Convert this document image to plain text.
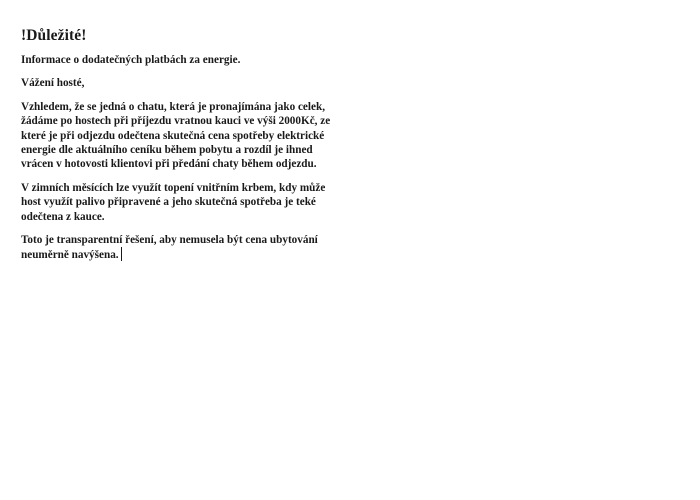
!Důležité!

Informace o dodatečných platbách za energie.

Vážení hosté,

Vzhledem, že se jedná o chatu, která je pronajímána jako celek,
žádáme po hostech při příjezdu vratnou kauci ve výši 2000Kč, ze
které je při odjezdu odečtena skutečná cena spotřeby elektrické
energie dle aktuálního ceníku během pobytu a rozdíl je ihned
vrácen v hotovosti klientovi při předání chaty během odjezdu.

V zimních měsících lze využít topení vnitřním krbem, kdy může
host využít palivo připravené a jeho skutečná spotřeba je teké
odečtena z kauce.

Toto je transparentní řešení, aby nemusela být cena ubytování
neuměrně navýšena.
